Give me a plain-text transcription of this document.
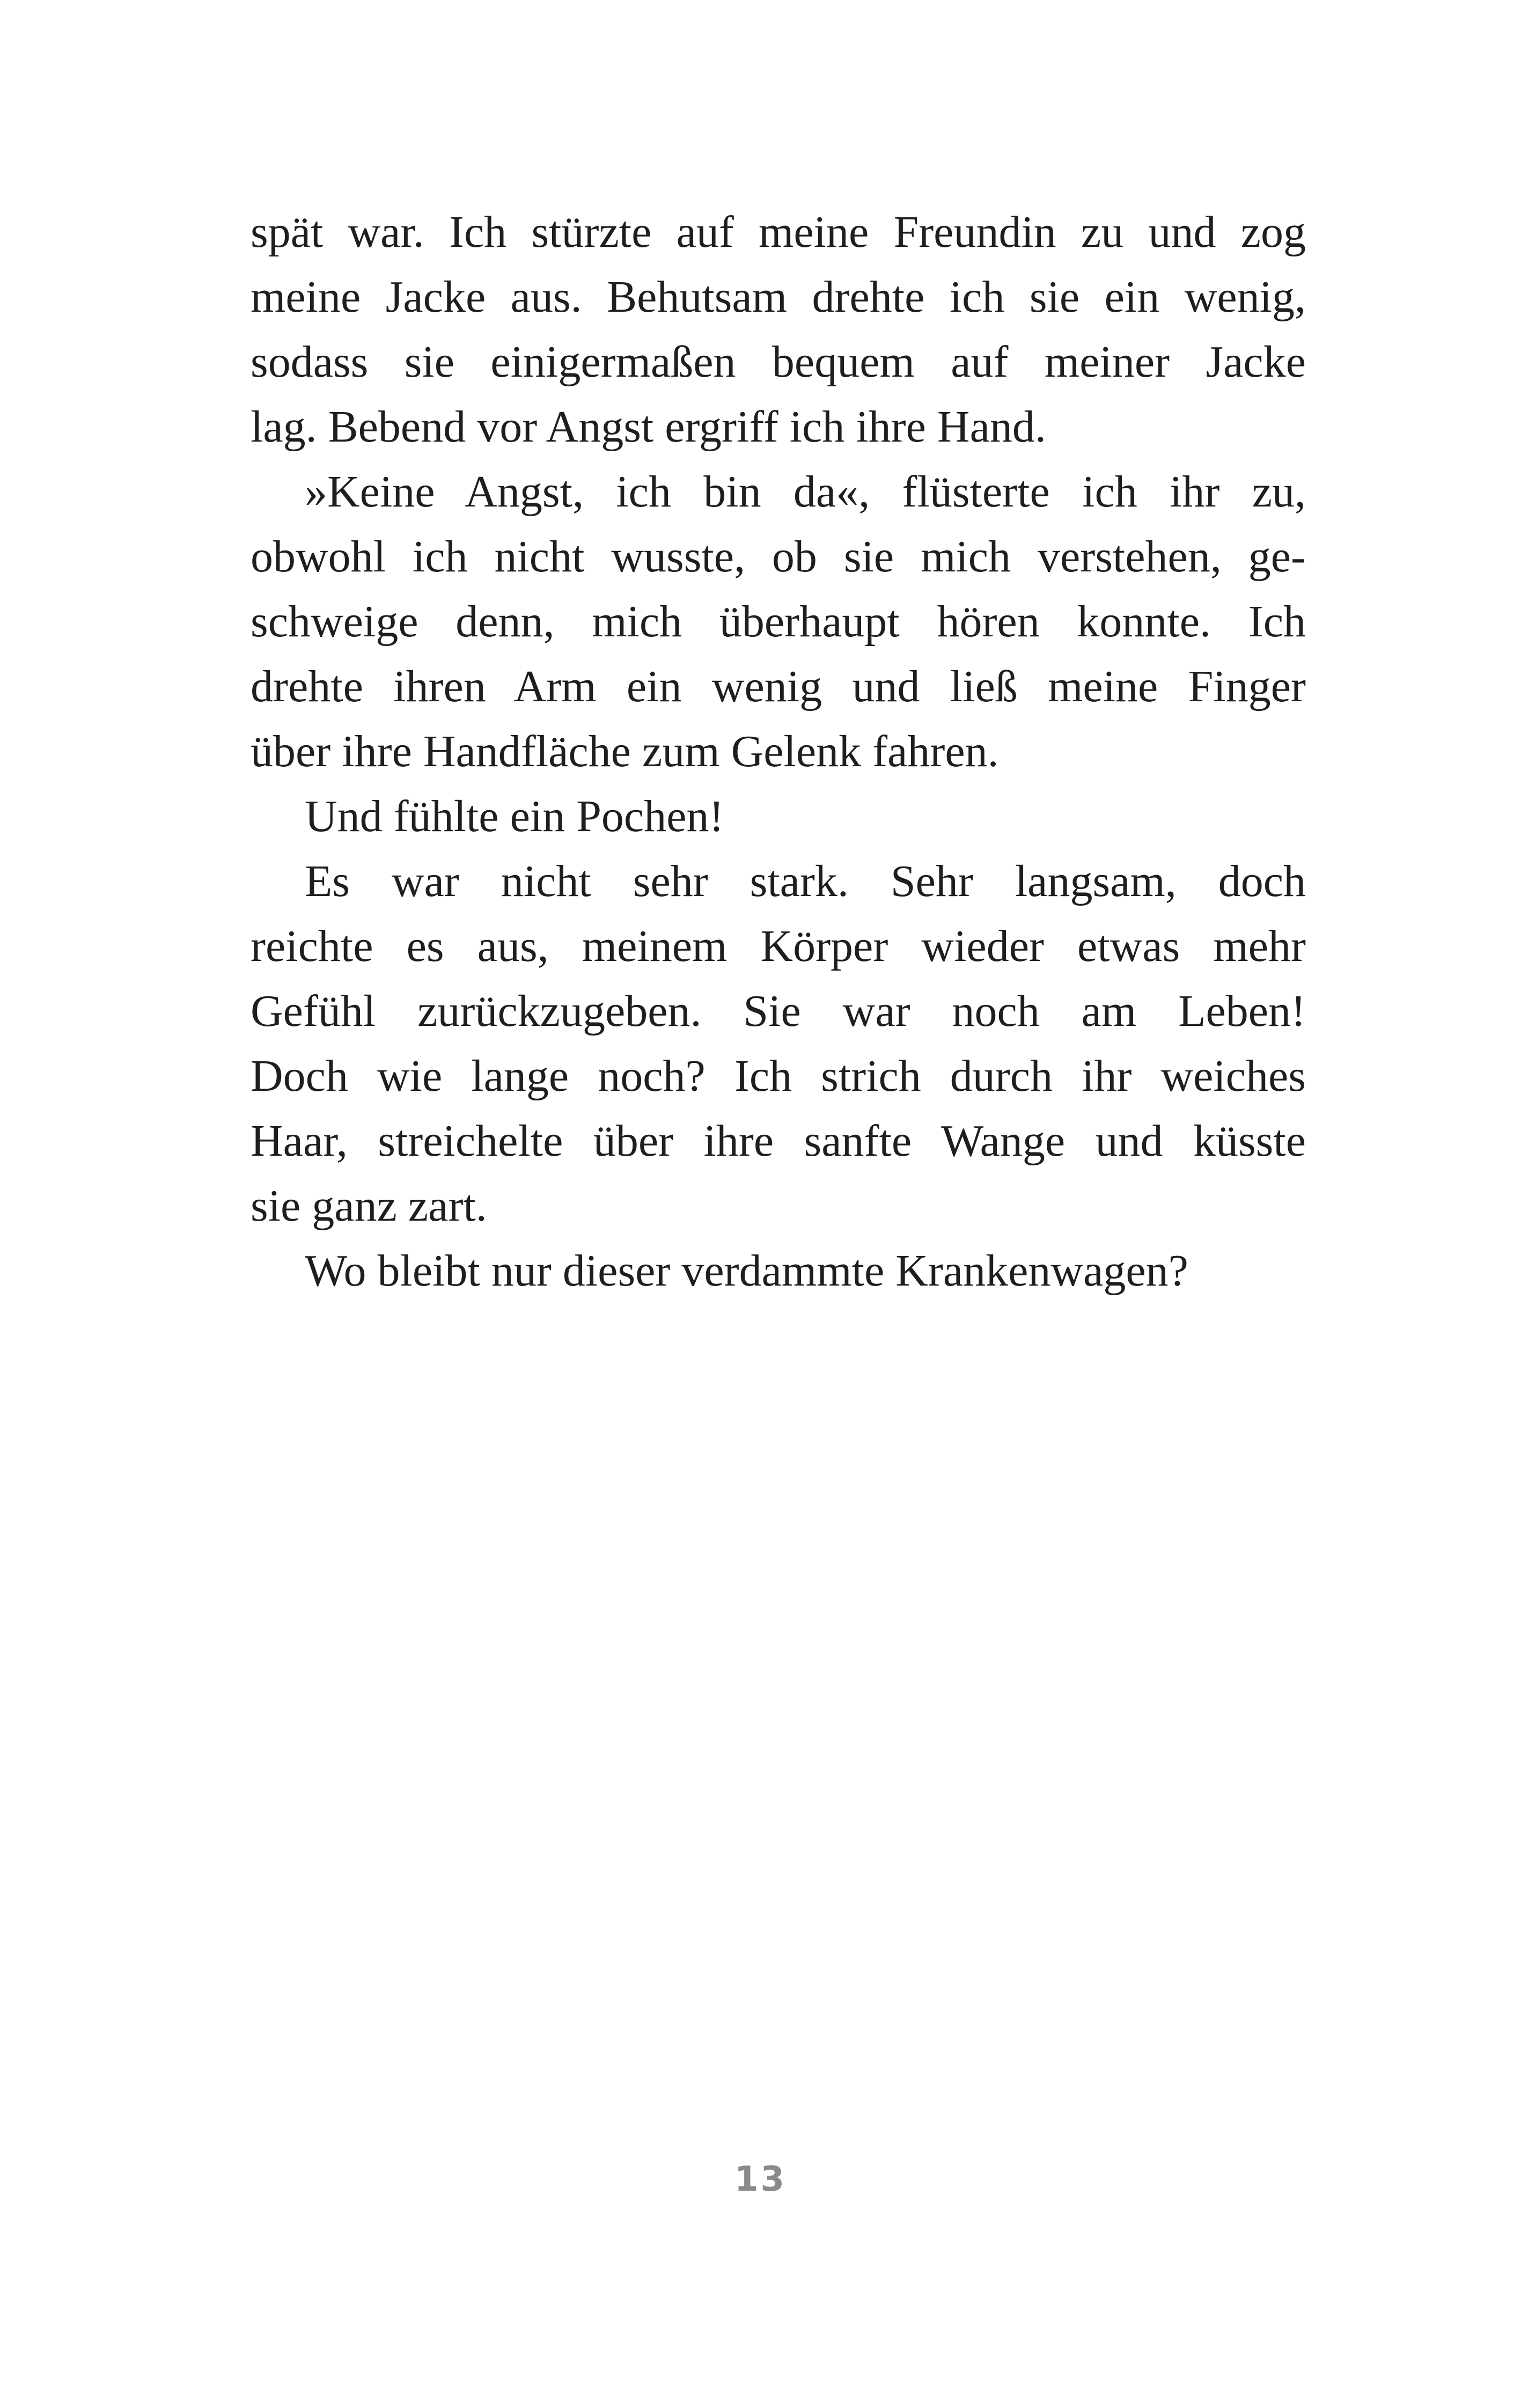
spät war. Ich stürzte auf meine Freundin zu und zog
meine Jacke aus. Behutsam drehte ich sie ein wenig,
sodass sie einigermaßen bequem auf meiner Jacke
lag. Bebend vor Angst ergriff ich ihre Hand.
»Keine Angst, ich bin da«, flüsterte ich ihr zu,
obwohl ich nicht wusste, ob sie mich verstehen, ge-
schweige denn, mich überhaupt hören konnte. Ich
drehte ihren Arm ein wenig und ließ meine Finger
über ihre Handfläche zum Gelenk fahren.
Und fühlte ein Pochen!
Es war nicht sehr stark. Sehr langsam, doch
reichte es aus, meinem Körper wieder etwas mehr
Gefühl zurückzugeben. Sie war noch am Leben!
Doch wie lange noch? Ich strich durch ihr weiches
Haar, streichelte über ihre sanfte Wange und küsste
sie ganz zart.
Wo bleibt nur dieser verdammte Krankenwagen?
13
